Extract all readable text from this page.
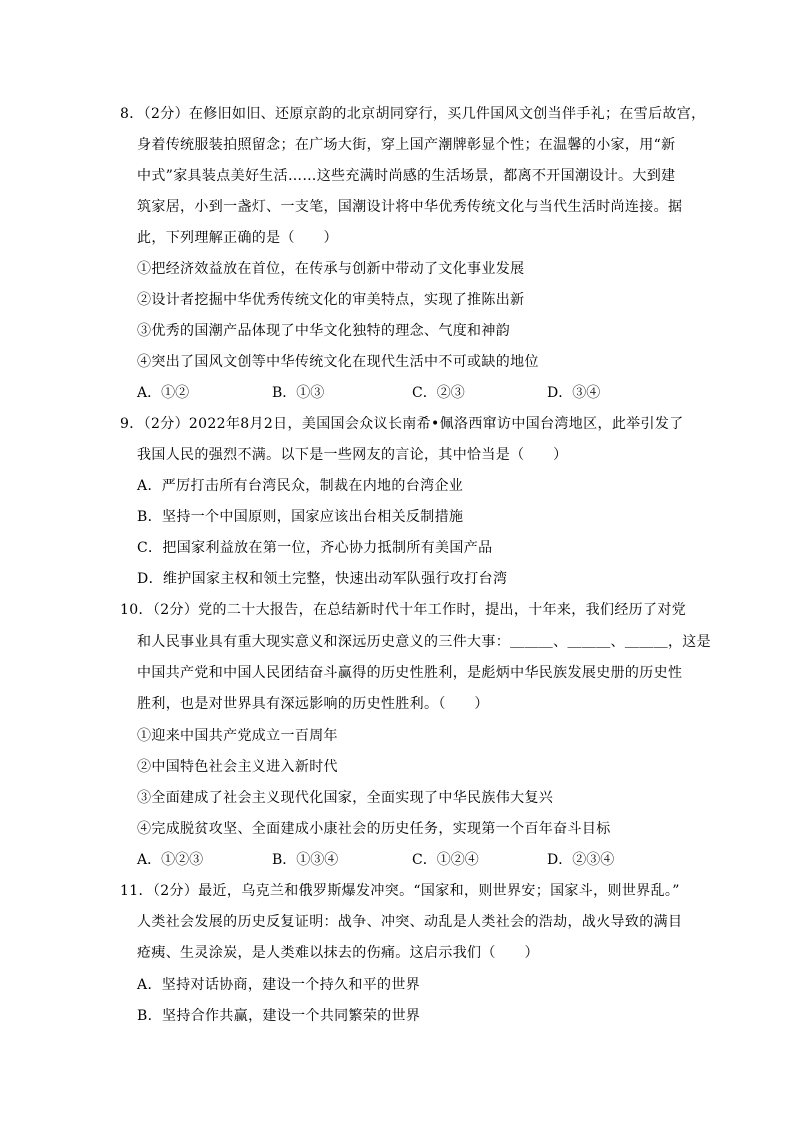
8．（2分）在修旧如旧、还原京韵的北京胡同穿行，买几件国风文创当伴手礼；在雪后故宫，
身着传统服装拍照留念；在广场大街，穿上国产潮牌彰显个性；在温馨的小家，用“新
中式”家具装点美好生活……这些充满时尚感的生活场景，都离不开国潮设计。大到建
筑家居，小到一盏灯、一支笔，国潮设计将中华优秀传统文化与当代生活时尚连接。据
此，下列理解正确的是（　　）
①把经济效益放在首位，在传承与创新中带动了文化事业发展
②设计者挖掘中华优秀传统文化的审美特点，实现了推陈出新
③优秀的国潮产品体现了中华文化独特的理念、气度和神韵
④突出了国风文创等中华传统文化在现代生活中不可或缺的地位
A．①②	B．①③	C．②③	D．③④
9．（2分）2022年8月2日，美国国会众议长南希•佩洛西窜访中国台湾地区，此举引发了
我国人民的强烈不满。以下是一些网友的言论，其中恰当是（　　）
A．严厉打击所有台湾民众，制裁在内地的台湾企业
B．坚持一个中国原则，国家应该出台相关反制措施
C．把国家利益放在第一位，齐心协力抵制所有美国产品
D．维护国家主权和领土完整，快速出动军队强行攻打台湾
10．（2分）党的二十大报告，在总结新时代十年工作时，提出，十年来，我们经历了对党
和人民事业具有重大现实意义和深远历史意义的三件大事：＿＿＿、＿＿＿、＿＿＿，这是
中国共产党和中国人民团结奋斗赢得的历史性胜利，是彪炳中华民族发展史册的历史性
胜利，也是对世界具有深远影响的历史性胜利。（　　）
①迎来中国共产党成立一百周年
②中国特色社会主义进入新时代
③全面建成了社会主义现代化国家，全面实现了中华民族伟大复兴
④完成脱贫攻坚、全面建成小康社会的历史任务，实现第一个百年奋斗目标
A．①②③	B．①③④	C．①②④	D．②③④
11．（2分）最近，乌克兰和俄罗斯爆发冲突。“国家和，则世界安；国家斗，则世界乱。”
人类社会发展的历史反复证明：战争、冲突、动乱是人类社会的浩劫，战火导致的满目
疮痍、生灵涂炭，是人类难以抹去的伤痛。这启示我们（　　）
A．坚持对话协商，建设一个持久和平的世界
B．坚持合作共赢，建设一个共同繁荣的世界
